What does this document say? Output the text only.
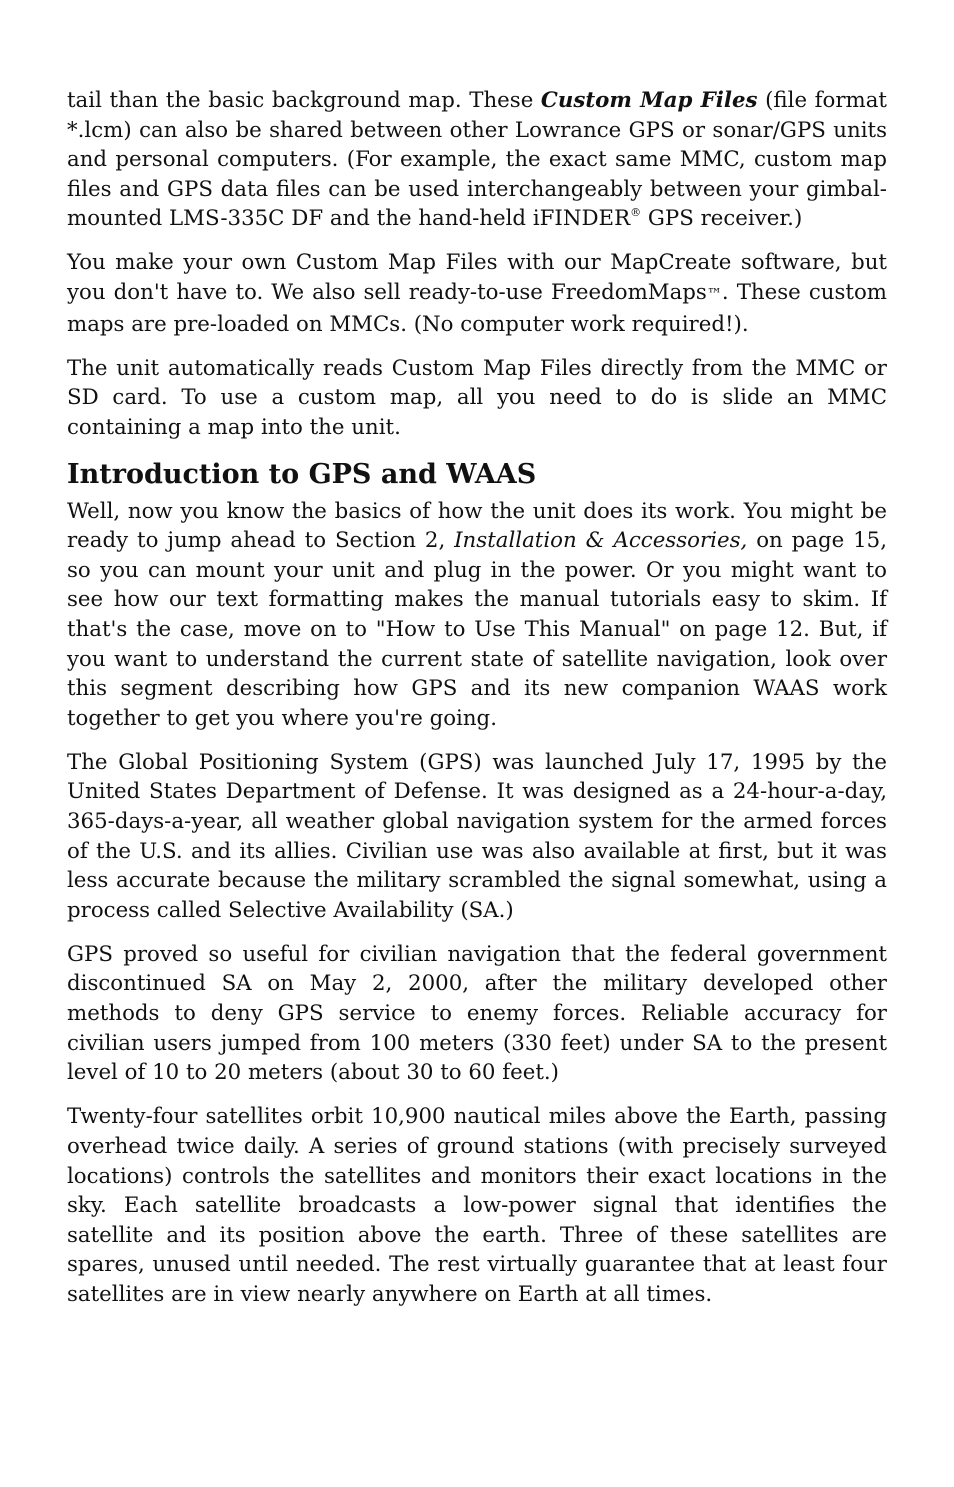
tail than the basic background map. These Custom Map Files (file format *.lcm) can also be shared between other Lowrance GPS or sonar/GPS units and personal computers. (For example, the exact same MMC, custom map files and GPS data files can be used interchangeably between your gimbal-mounted LMS-335C DF and the hand-held iFINDER® GPS receiver.)

You make your own Custom Map Files with our MapCreate software, but you don't have to. We also sell ready-to-use FreedomMaps™. These custom maps are pre-loaded on MMCs. (No computer work required!).

The unit automatically reads Custom Map Files directly from the MMC or SD card. To use a custom map, all you need to do is slide an MMC containing a map into the unit.

Introduction to GPS and WAAS

Well, now you know the basics of how the unit does its work. You might be ready to jump ahead to Section 2, Installation & Accessories, on page 15, so you can mount your unit and plug in the power. Or you might want to see how our text formatting makes the manual tutorials easy to skim. If that's the case, move on to "How to Use This Manual" on page 12. But, if you want to understand the current state of satellite navigation, look over this segment describing how GPS and its new companion WAAS work together to get you where you're going.

The Global Positioning System (GPS) was launched July 17, 1995 by the United States Department of Defense. It was designed as a 24-hour-a-day, 365-days-a-year, all weather global navigation system for the armed forces of the U.S. and its allies. Civilian use was also available at first, but it was less accurate because the military scrambled the signal somewhat, using a process called Selective Availability (SA.)

GPS proved so useful for civilian navigation that the federal government discontinued SA on May 2, 2000, after the military developed other methods to deny GPS service to enemy forces. Reliable accuracy for civilian users jumped from 100 meters (330 feet) under SA to the present level of 10 to 20 meters (about 30 to 60 feet.)

Twenty-four satellites orbit 10,900 nautical miles above the Earth, passing overhead twice daily. A series of ground stations (with precisely surveyed locations) controls the satellites and monitors their exact locations in the sky. Each satellite broadcasts a low-power signal that identifies the satellite and its position above the earth. Three of these satellites are spares, unused until needed. The rest virtually guarantee that at least four satellites are in view nearly anywhere on Earth at all times.
